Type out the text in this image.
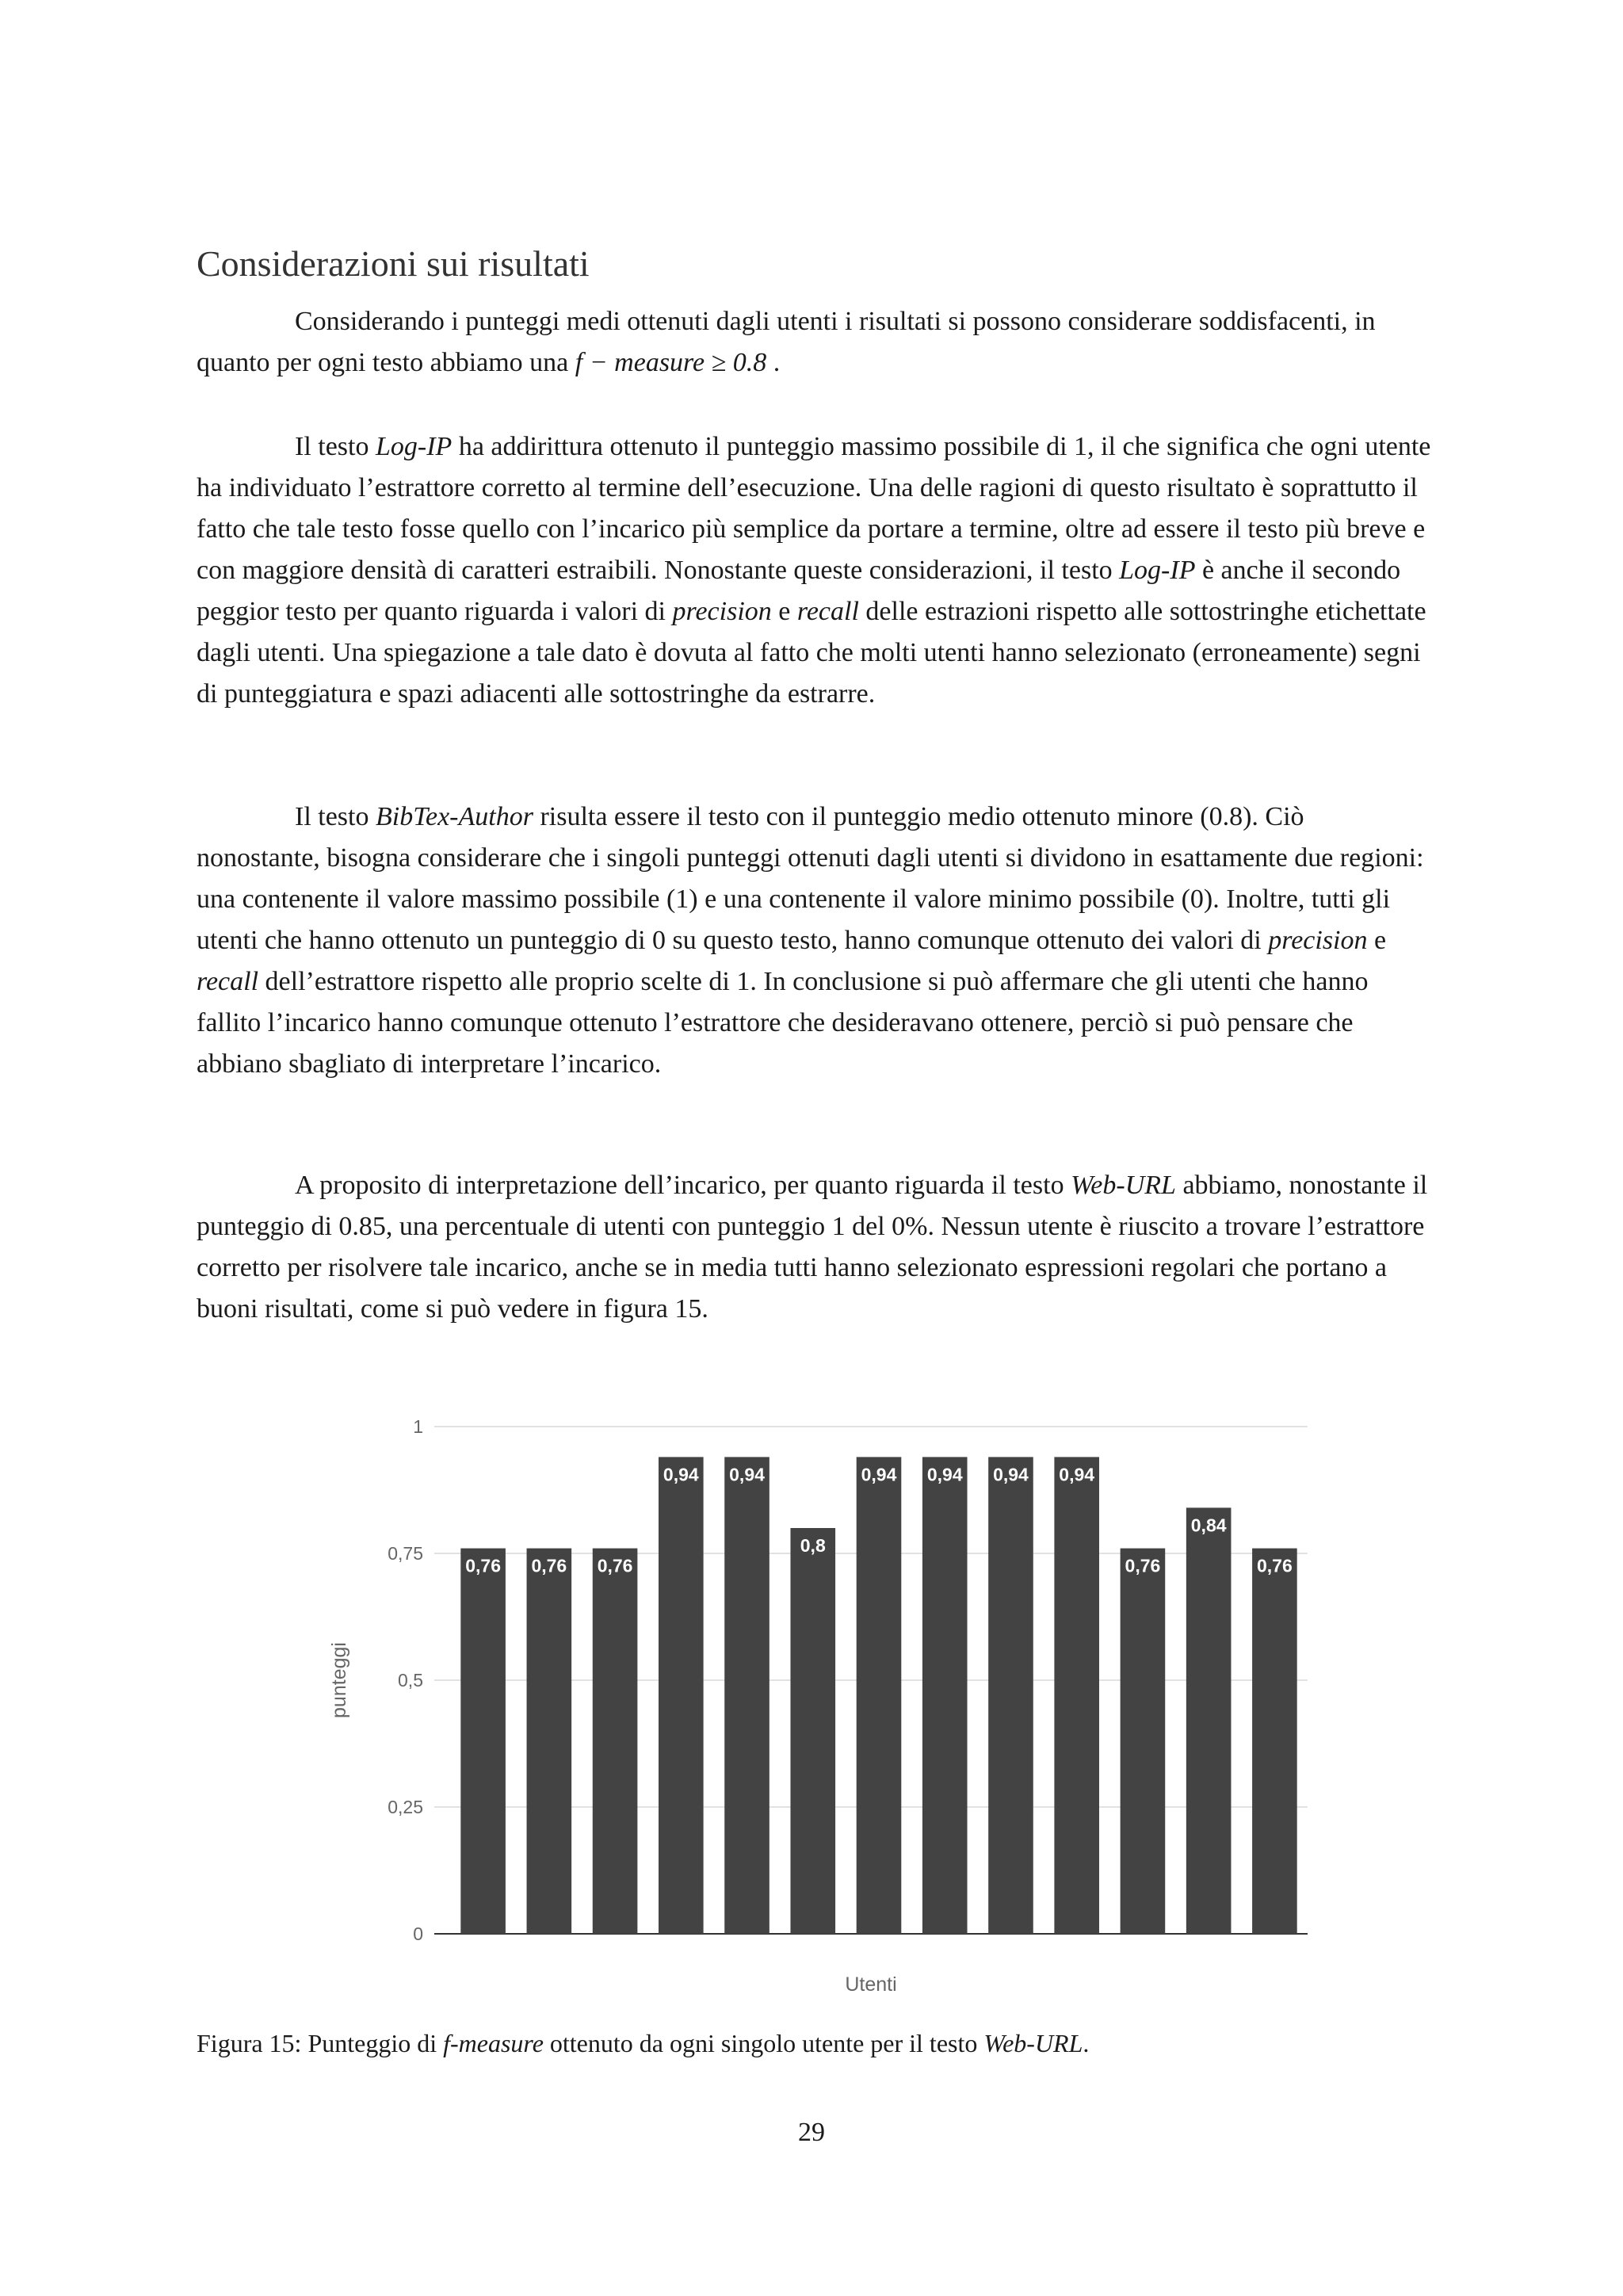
Considerazioni sui risultati

Considerando i punteggi medi ottenuti dagli utenti i risultati si possono considerare soddisfacenti, in quanto per ogni testo abbiamo una f − measure ≥ 0.8 .

Il testo Log-IP ha addirittura ottenuto il punteggio massimo possibile di 1, il che significa che ogni utente ha individuato l’estrattore corretto al termine dell’esecuzione. Una delle ragioni di questo risultato è soprattutto il fatto che tale testo fosse quello con l’incarico più semplice da portare a termine, oltre ad essere il testo più breve e con maggiore densità di caratteri estraibili. Nonostante queste considerazioni, il testo Log-IP è anche il secondo peggior testo per quanto riguarda i valori di precision e recall delle estrazioni rispetto alle sottostringhe etichettate dagli utenti. Una spiegazione a tale dato è dovuta al fatto che molti utenti hanno selezionato (erroneamente) segni di punteggiatura e spazi adiacenti alle sottostringhe da estrarre.

Il testo BibTex-Author risulta essere il testo con il punteggio medio ottenuto minore (0.8). Ciò nonostante, bisogna considerare che i singoli punteggi ottenuti dagli utenti si dividono in esattamente due regioni: una contenente il valore massimo possibile (1) e una contenente il valore minimo possibile (0). Inoltre, tutti gli utenti che hanno ottenuto un punteggio di 0 su questo testo, hanno comunque ottenuto dei valori di precision e recall dell’estrattore rispetto alle proprio scelte di 1. In conclusione si può affermare che gli utenti che hanno fallito l’incarico hanno comunque ottenuto l’estrattore che desideravano ottenere, perciò si può pensare che abbiano sbagliato di interpretare l’incarico.

A proposito di interpretazione dell’incarico, per quanto riguarda il testo Web-URL abbiamo, nonostante il punteggio di 0.85, una percentuale di utenti con punteggio 1 del 0%. Nessun utente è riuscito a trovare l’estrattore corretto per risolvere tale incarico, anche se in media tutti hanno selezionato espressioni regolari che portano a buoni risultati, come si può vedere in figura 15.

0
0,25
0,5
0,75
1
0,76 0,76 0,76
0,94 0,94
0,8
0,94 0,94 0,94 0,94
0,76
0,84
0,76
Utenti
punteggi

Figura 15: Punteggio di f-measure ottenuto da ogni singolo utente per il testo Web-URL.

29
